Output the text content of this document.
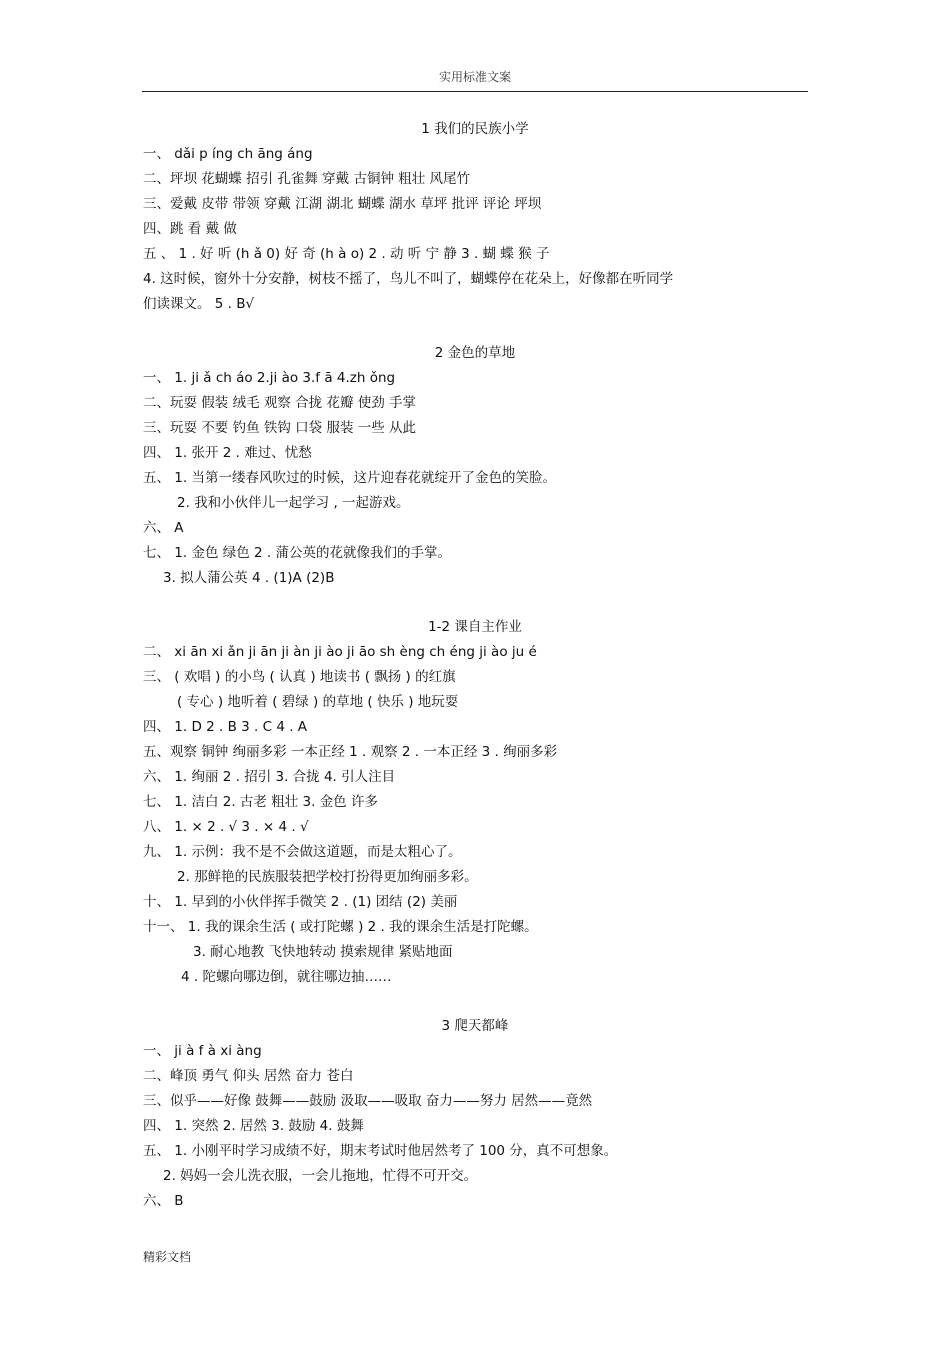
实用标准文案
1 我们的民族小学
一、 dǎi p íng ch āng áng
二、坪坝 花蝴蝶 招引 孔雀舞 穿戴 古铜钟 粗壮 风尾竹
三、爱戴 皮带 带领 穿戴 江湖 湖北 蝴蝶 湖水 草坪 批评 评论 坪坝
四、跳 看 戴 做
五 、 1 . 好 听 (h ǎ 0) 好 奇 (h à o) 2 . 动 听 宁 静 3 . 蝴 蝶 猴 子
4. 这时候，窗外十分安静，树枝不摇了，鸟儿不叫了，蝴蝶停在花朵上，好像都在听同学
们读课文。 5 . B√
2 金色的草地
一、 1. ji ǎ ch áo 2.ji ào 3.f ā 4.zh ǒng
二、玩耍 假装 绒毛 观察 合拢 花瓣 使劲 手掌
三、玩耍 不要 钓鱼 铁钩 口袋 服装 一些 从此
四、 1. 张开 2 . 难过、忧愁
五、 1. 当第一缕春风吹过的时候，这片迎春花就绽开了金色的笑脸。
2. 我和小伙伴儿一起学习 , 一起游戏。
六、 A
七、 1. 金色 绿色 2 . 蒲公英的花就像我们的手掌。
3. 拟人蒲公英 4 . (1)A (2)B
1-2 课自主作业
二、 xi ān xi ǎn ji ān ji àn ji ào ji āo sh èng ch éng ji ào ju é
三、 ( 欢唱 ) 的小鸟 ( 认真 ) 地读书 ( 飘扬 ) 的红旗
( 专心 ) 地听着 ( 碧绿 ) 的草地 ( 快乐 ) 地玩耍
四、 1. D 2 . B 3 . C 4 . A
五、观察 铜钟 绚丽多彩 一本正经 1 . 观察 2 . 一本正经 3 . 绚丽多彩
六、 1. 绚丽 2 . 招引 3. 合拢 4. 引人注目
七、 1. 洁白 2. 古老 粗壮 3. 金色 许多
八、 1. × 2 . √ 3 . × 4 . √
九、 1. 示例：我不是不会做这道题，而是太粗心了。
2. 那鲜艳的民族服装把学校打扮得更加绚丽多彩。
十、 1. 早到的小伙伴挥手微笑 2 . (1) 团结 (2) 美丽
十一、 1. 我的课余生活 ( 或打陀螺 ) 2 . 我的课余生活是打陀螺。
3. 耐心地教 飞快地转动 摸索规律 紧贴地面
4 . 陀螺向哪边倒，就往哪边抽……
3 爬天都峰
一、 ji à f à xi àng
二、峰顶 勇气 仰头 居然 奋力 苍白
三、似乎——好像 鼓舞——鼓励 汲取——吸取 奋力——努力 居然——竟然
四、 1. 突然 2. 居然 3. 鼓励 4. 鼓舞
五、 1. 小刚平时学习成绩不好，期末考试时他居然考了 100 分，真不可想象。
2. 妈妈一会儿洗衣服，一会儿拖地，忙得不可开交。
六、 B
精彩文档
